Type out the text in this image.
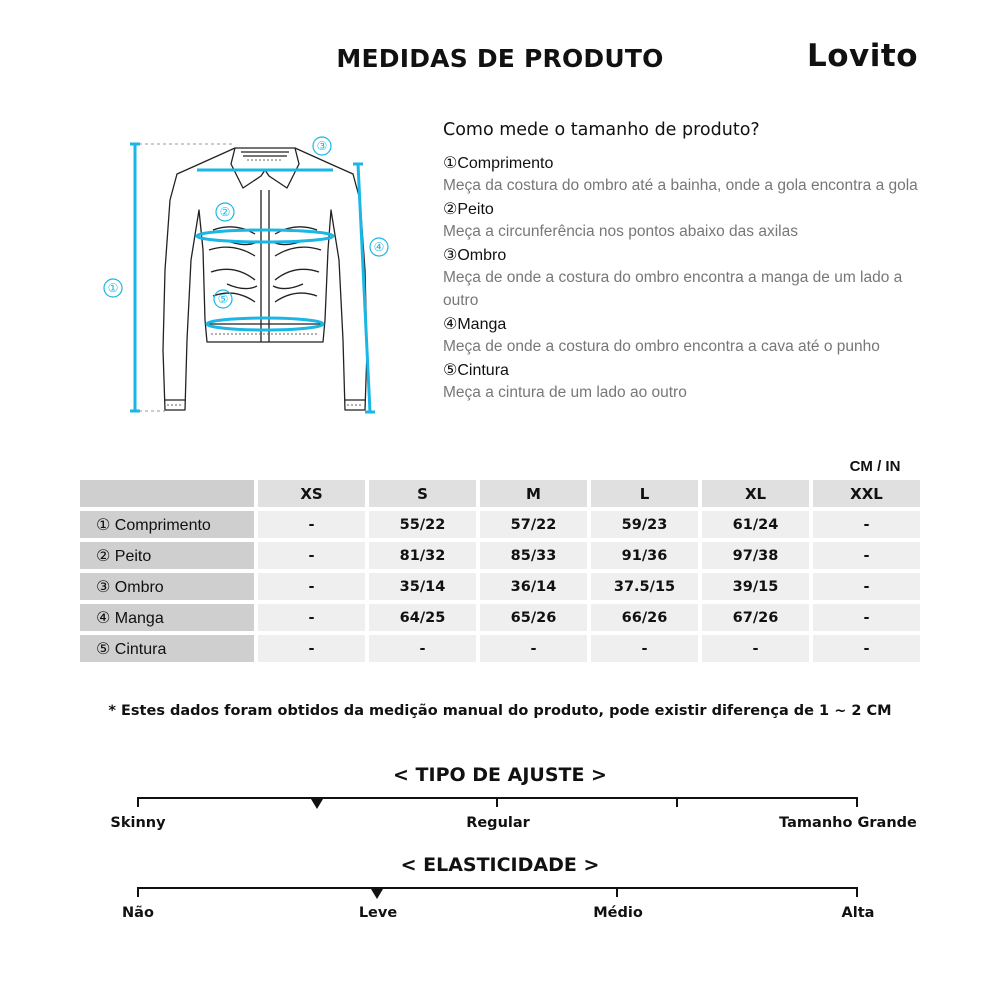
MEDIDAS DE PRODUTO	Lovito
①
②
③
④
⑤
Como mede o tamanho de produto?
①Comprimento
Meça da costura do ombro até a bainha, onde a gola encontra a gola
②Peito
Meça a circunferência nos pontos abaixo das axilas
③Ombro
Meça de onde a costura do ombro encontra a manga de um lado a outro
④Manga
Meça de onde a costura do ombro encontra a cava até o punho
⑤Cintura
Meça a cintura de um lado ao outro
CM / IN
	XS	S	M	L	XL	XXL
① Comprimento	-	55/22	57/22	59/23	61/24	-
② Peito	-	81/32	85/33	91/36	97/38	-
③ Ombro	-	35/14	36/14	37.5/15	39/15	-
④ Manga	-	64/25	65/26	66/26	67/26	-
⑤ Cintura	-	-	-	-	-	-
* Estes dados foram obtidos da medição manual do produto, pode existir diferença de 1 ~ 2 CM
< TIPO DE AJUSTE >
Skinny	Regular	Tamanho Grande
< ELASTICIDADE >
Não	Leve	Médio	Alta
